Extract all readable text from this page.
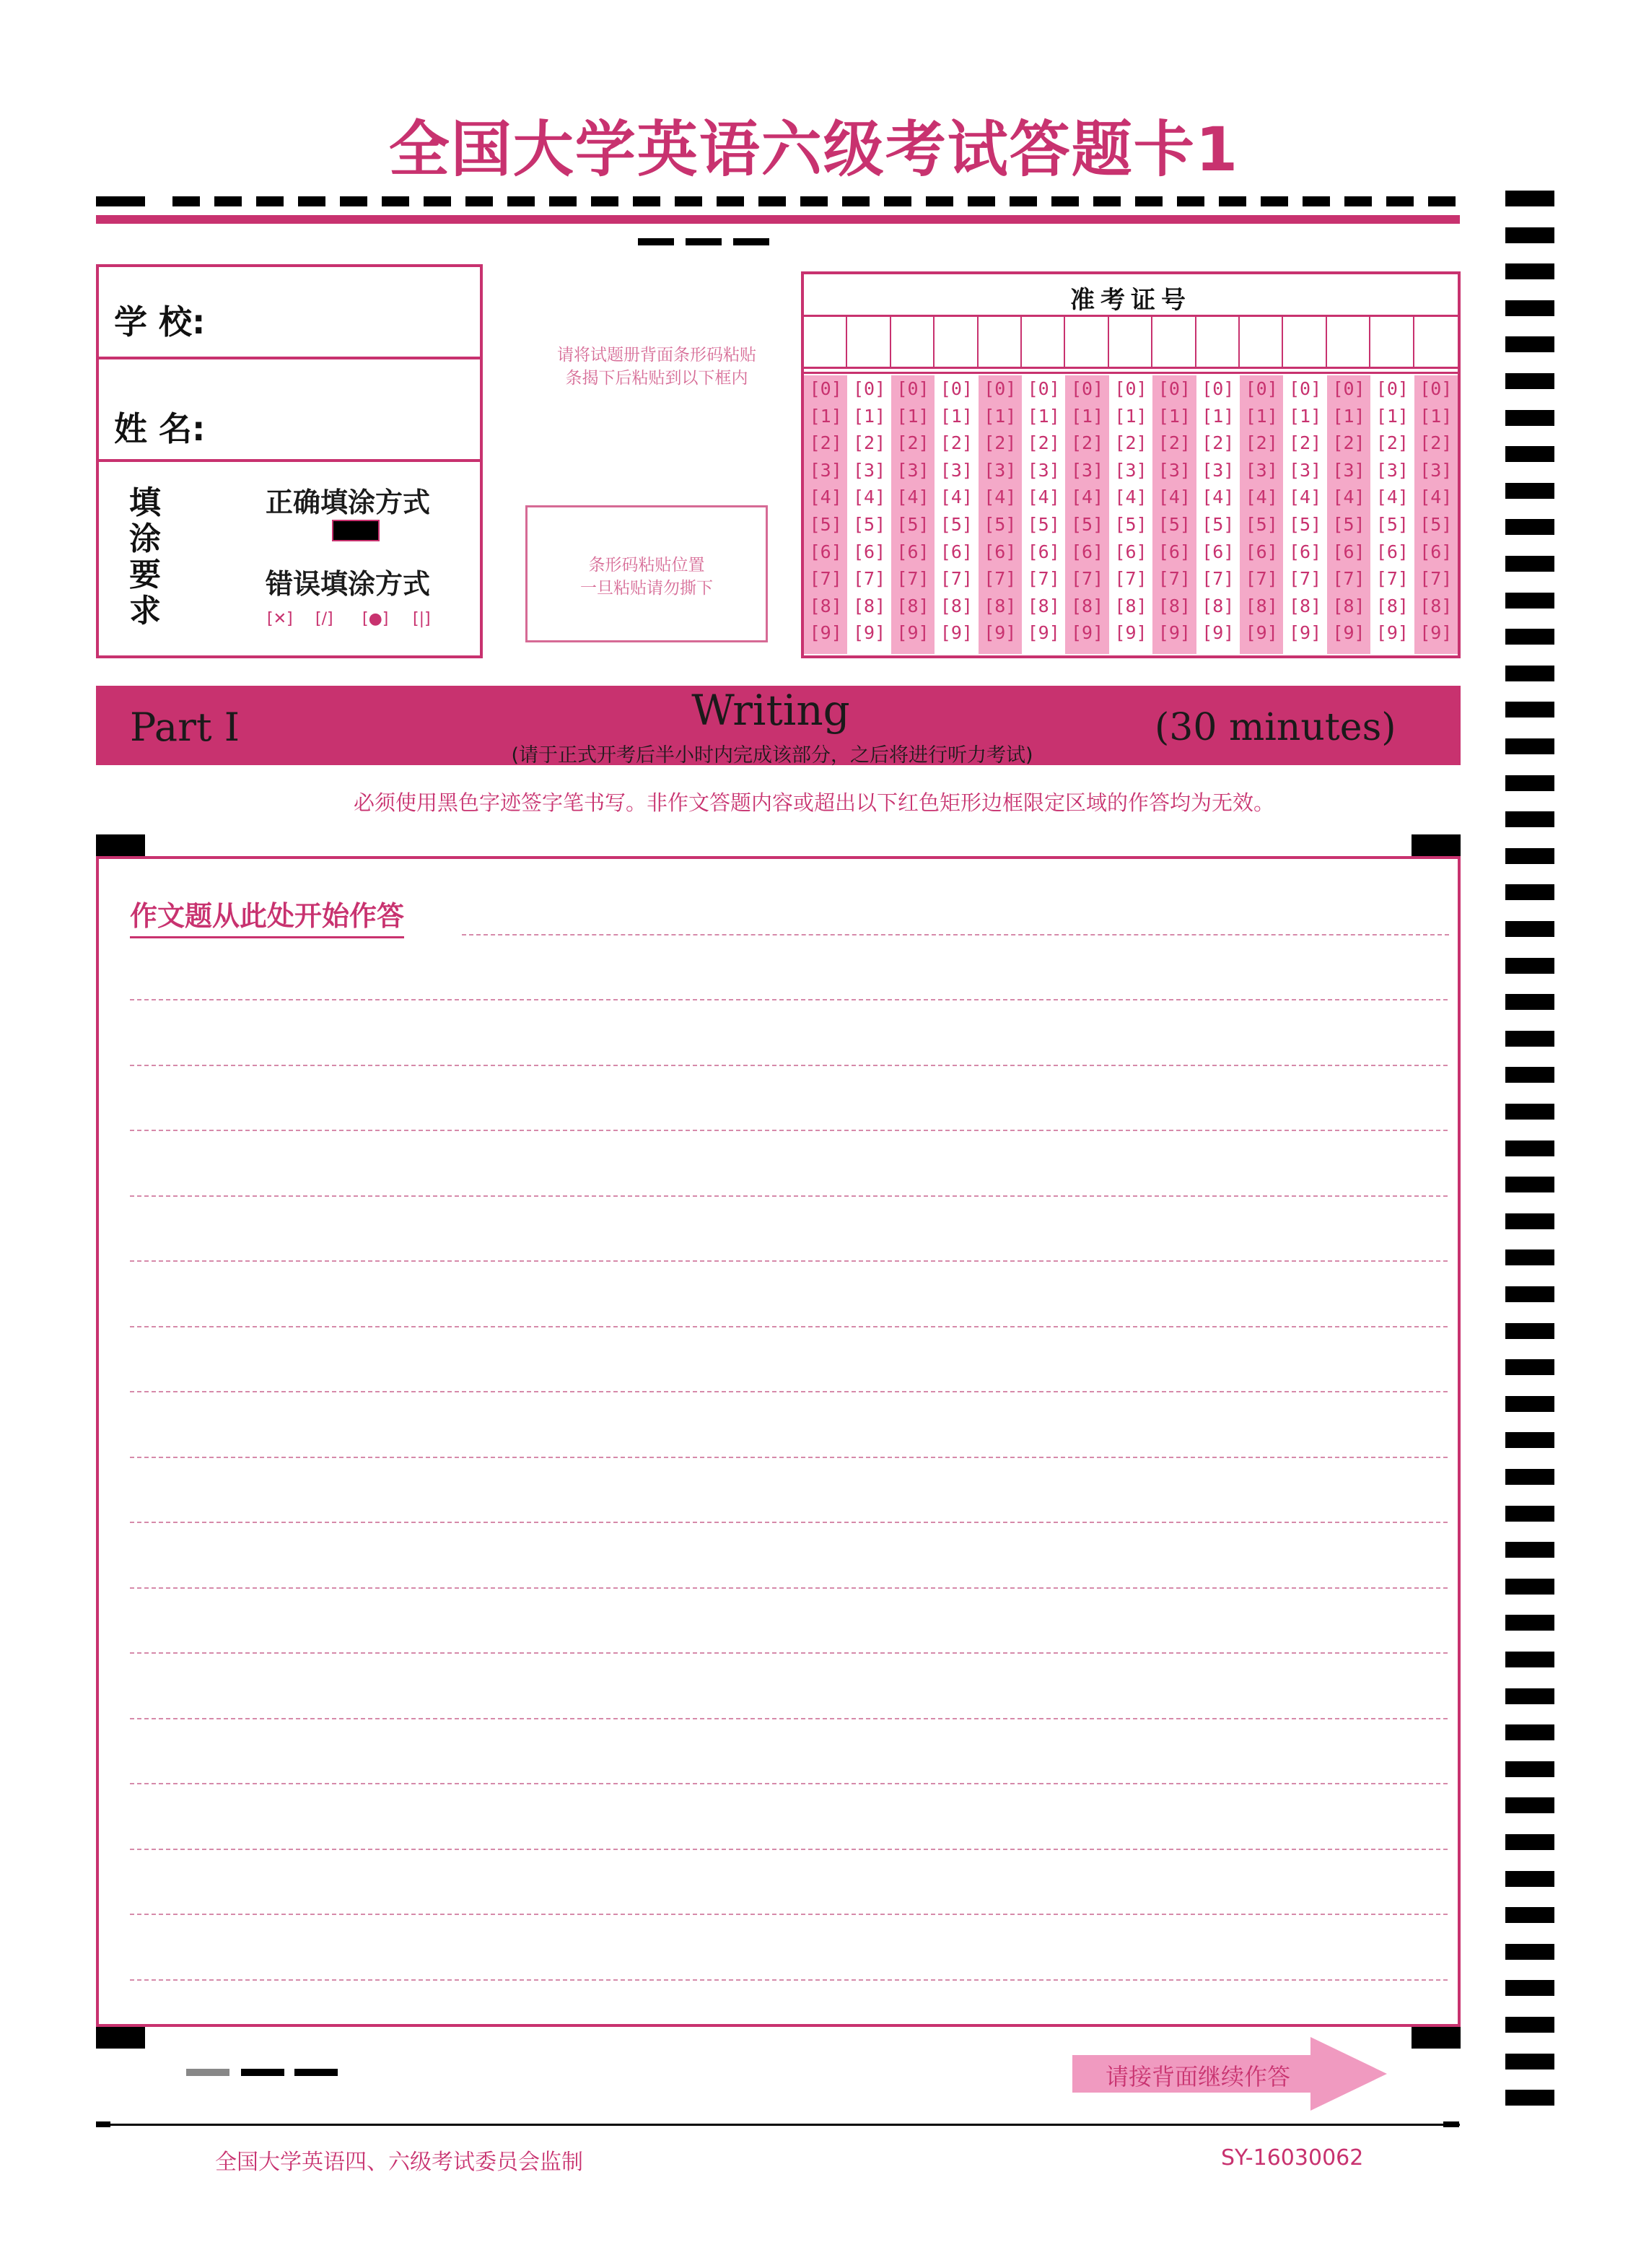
全国大学英语六级考试答题卡1
学 校:
姓 名:
填
涂
要
求
正确填涂方式
错误填涂方式
[✕] [/] [●] [|]
请将试题册背面条形码粘贴
条揭下后粘贴到以下框内
条形码粘贴位置
一旦粘贴请勿撕下
准考证号
[0]
[1]
[2]
[3]
[4]
[5]
[6]
[7]
[8]
[9]
[0]
[1]
[2]
[3]
[4]
[5]
[6]
[7]
[8]
[9]
[0]
[1]
[2]
[3]
[4]
[5]
[6]
[7]
[8]
[9]
[0]
[1]
[2]
[3]
[4]
[5]
[6]
[7]
[8]
[9]
[0]
[1]
[2]
[3]
[4]
[5]
[6]
[7]
[8]
[9]
[0]
[1]
[2]
[3]
[4]
[5]
[6]
[7]
[8]
[9]
[0]
[1]
[2]
[3]
[4]
[5]
[6]
[7]
[8]
[9]
[0]
[1]
[2]
[3]
[4]
[5]
[6]
[7]
[8]
[9]
[0]
[1]
[2]
[3]
[4]
[5]
[6]
[7]
[8]
[9]
[0]
[1]
[2]
[3]
[4]
[5]
[6]
[7]
[8]
[9]
[0]
[1]
[2]
[3]
[4]
[5]
[6]
[7]
[8]
[9]
[0]
[1]
[2]
[3]
[4]
[5]
[6]
[7]
[8]
[9]
[0]
[1]
[2]
[3]
[4]
[5]
[6]
[7]
[8]
[9]
[0]
[1]
[2]
[3]
[4]
[5]
[6]
[7]
[8]
[9]
[0]
[1]
[2]
[3]
[4]
[5]
[6]
[7]
[8]
[9]
Part I	Writing
(请于正式开考后半小时内完成该部分，之后将进行听力考试)
(30 minutes)
必须使用黑色字迹签字笔书写。非作文答题内容或超出以下红色矩形边框限定区域的作答均为无效。
作文题从此处开始作答
请接背面继续作答
全国大学英语四、六级考试委员会监制	SY-16030062
